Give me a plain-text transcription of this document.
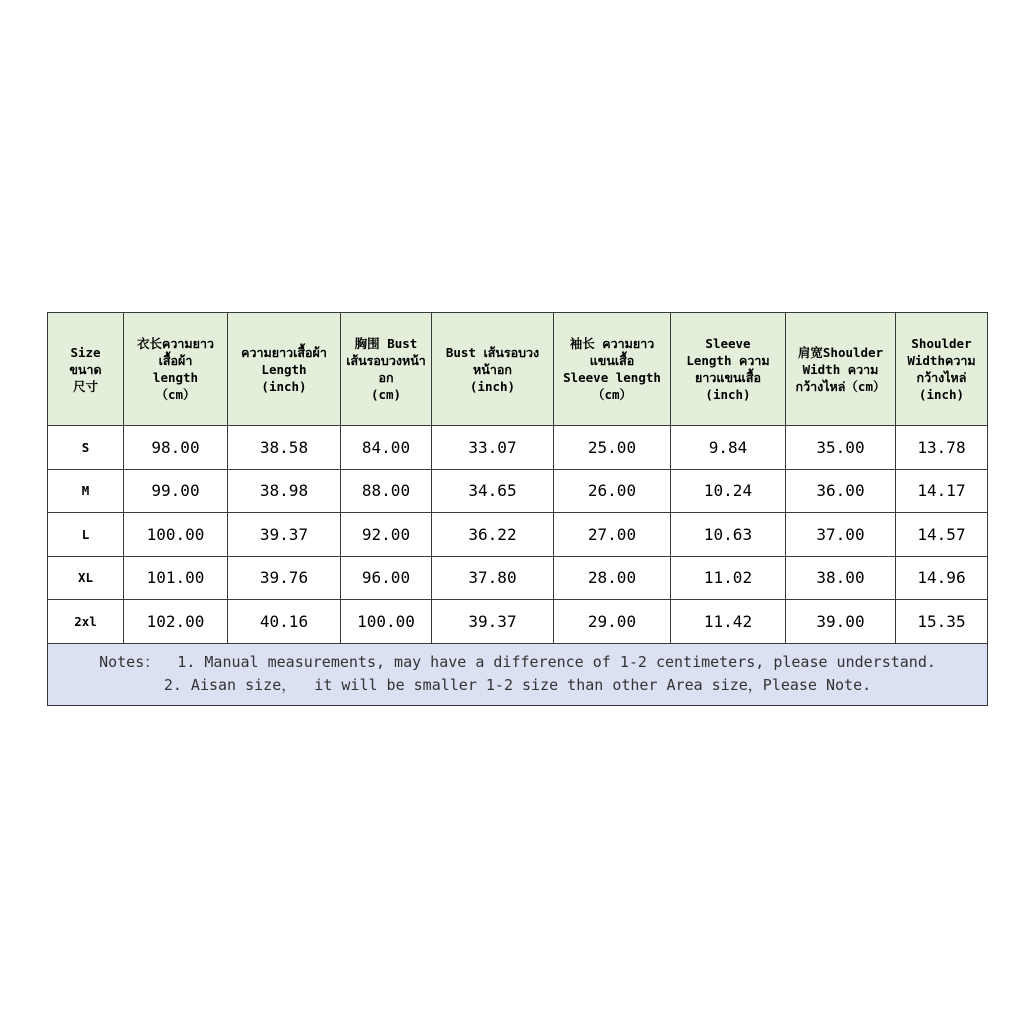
Size
ขนาด
尺寸	衣长ความยาว
เสื้อผ้า
length
（cm）	ความยาวเสื้อผ้า
Length
(inch)	胸围 Bust
เส้นรอบวงหน้า
อก
(cm)	Bust เส้นรอบวง
หน้าอก
(inch)	袖长 ความยาว
แขนเสื้อ
Sleeve length
（cm）	Sleeve
Length ความ
ยาวแขนเสื้อ
(inch)	肩宽Shoulder
Width ความ
กว้างไหล่（cm）	Shoulder
Widthความ
กว้างไหล่
(inch)
S	98.00	38.58	84.00	33.07	25.00	9.84	35.00	13.78
M	99.00	38.98	88.00	34.65	26.00	10.24	36.00	14.17
L	100.00	39.37	92.00	36.22	27.00	10.63	37.00	14.57
XL	101.00	39.76	96.00	37.80	28.00	11.02	38.00	14.96
2xl	102.00	40.16	100.00	39.37	29.00	11.42	39.00	15.35
Notes：  1. Manual measurements, may have a difference of 1-2 centimeters, please understand.
2. Aisan size，  it will be smaller 1-2 size than other Area size，Please Note.								
